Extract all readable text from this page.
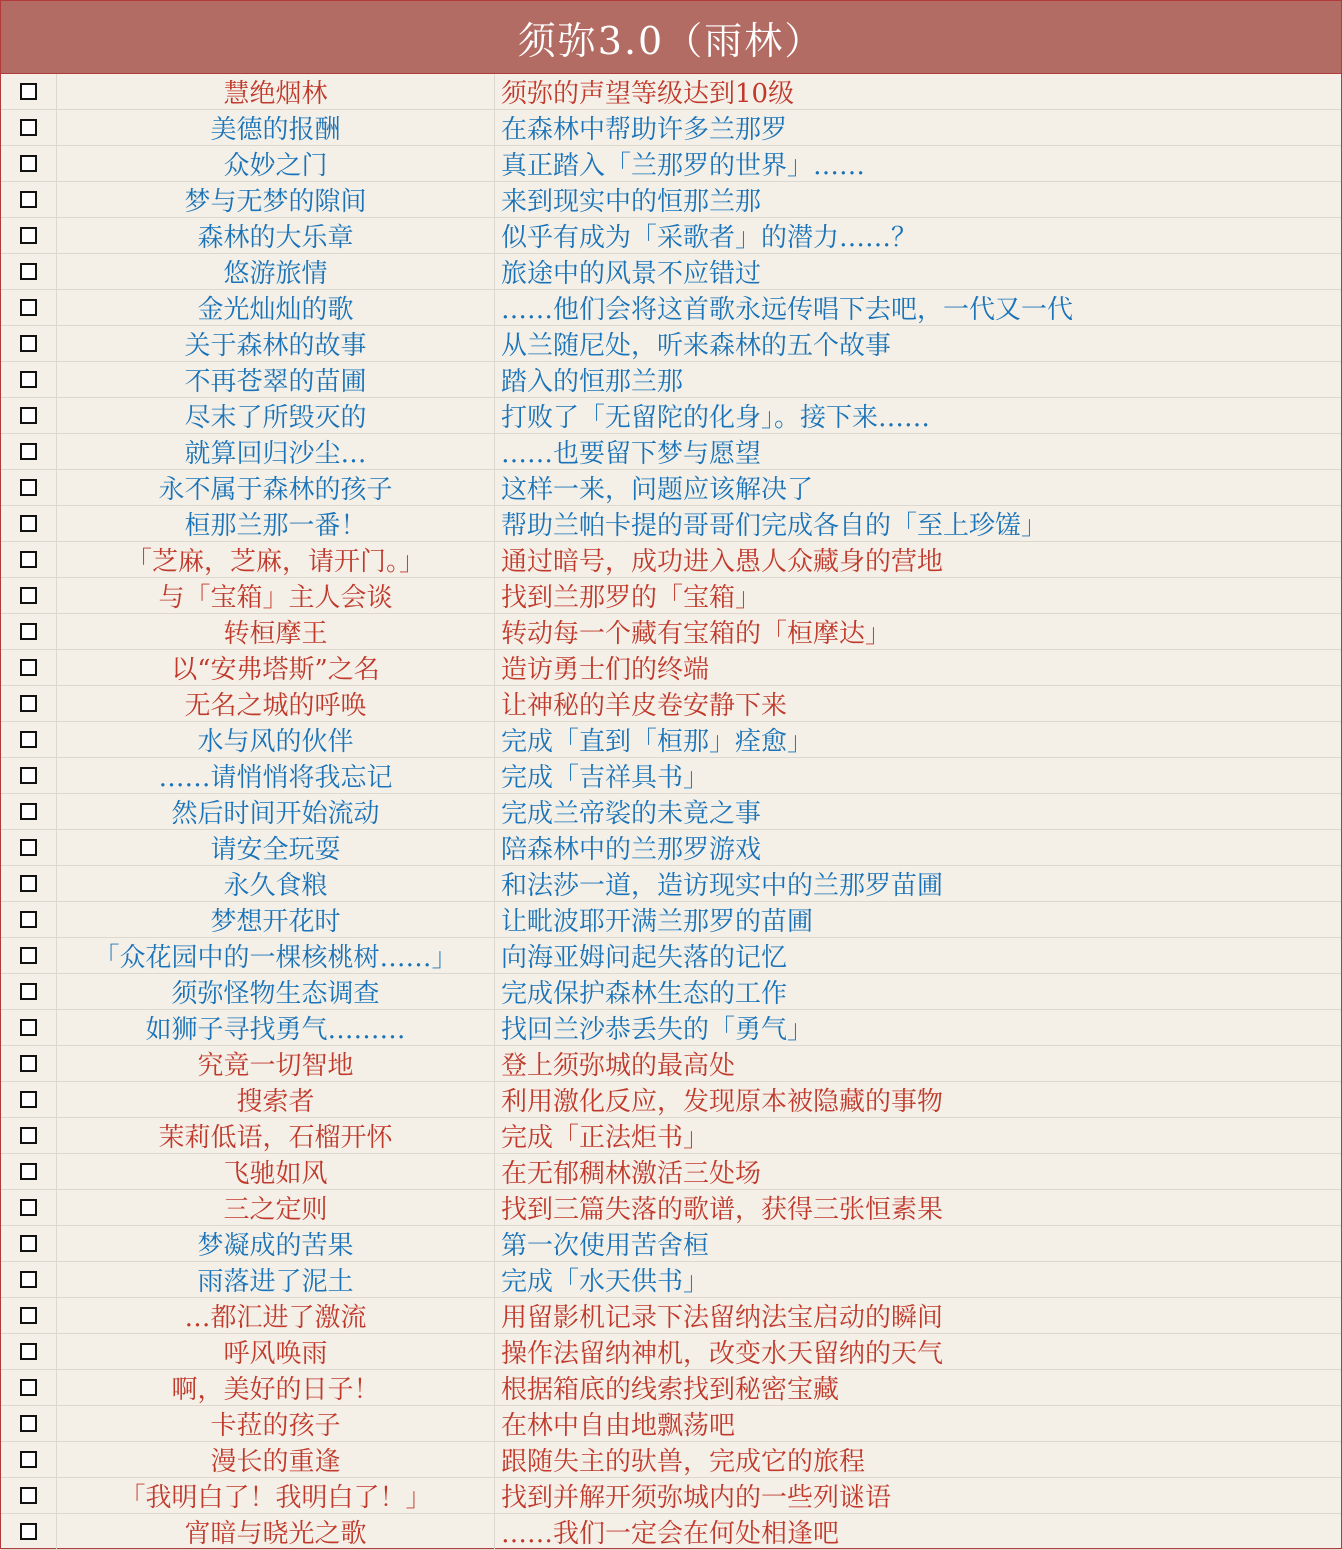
须弥3.0（雨林）
慧绝烟林	须弥的声望等级达到10级
美德的报酬	在森林中帮助许多兰那罗
众妙之门	真正踏入「兰那罗的世界」……
梦与无梦的隙间	来到现实中的恒那兰那
森林的大乐章	似乎有成为「采歌者」的潜力……？
悠游旅情	旅途中的风景不应错过
金光灿灿的歌	……他们会将这首歌永远传唱下去吧，一代又一代
关于森林的故事	从兰随尼处，听来森林的五个故事
不再苍翠的苗圃	踏入的恒那兰那
尽末了所毁灭的	打败了「无留陀的化身」。接下来……
就算回归沙尘…	……也要留下梦与愿望
永不属于森林的孩子	这样一来，问题应该解决了
桓那兰那一番！	帮助兰帕卡提的哥哥们完成各自的「至上珍馐」
「芝麻，芝麻，请开门。」	通过暗号，成功进入愚人众藏身的营地
与「宝箱」主人会谈	找到兰那罗的「宝箱」
转桓摩王	转动每一个藏有宝箱的「桓摩达」
以“安弗塔斯”之名	造访勇士们的终端
无名之城的呼唤	让神秘的羊皮卷安静下来
水与风的伙伴	完成「直到「桓那」痊愈」
……请悄悄将我忘记	完成「吉祥具书」
然后时间开始流动	完成兰帝裟的未竟之事
请安全玩耍	陪森林中的兰那罗游戏
永久食粮	和法莎一道，造访现实中的兰那罗苗圃
梦想开花时	让毗波耶开满兰那罗的苗圃
「众花园中的一棵核桃树……」	向海亚姆问起失落的记忆
须弥怪物生态调查	完成保护森林生态的工作
如狮子寻找勇气………	找回兰沙恭丢失的「勇气」
究竟一切智地	登上须弥城的最高处
搜索者	利用激化反应，发现原本被隐藏的事物
茉莉低语，石榴开怀	完成「正法炬书」
飞驰如风	在无郁稠林激活三处场
三之定则	找到三篇失落的歌谱，获得三张恒素果
梦凝成的苦果	第一次使用苦舍桓
雨落进了泥土	完成「水天供书」
…都汇进了激流	用留影机记录下法留纳法宝启动的瞬间
呼风唤雨	操作法留纳神机，改变水天留纳的天气
啊，美好的日子！	根据箱底的线索找到秘密宝藏
卡菈的孩子	在林中自由地飘荡吧
漫长的重逢	跟随失主的驮兽，完成它的旅程
「我明白了！我明白了！」	找到并解开须弥城内的一些列谜语
宵暗与晓光之歌	……我们一定会在何处相逢吧
